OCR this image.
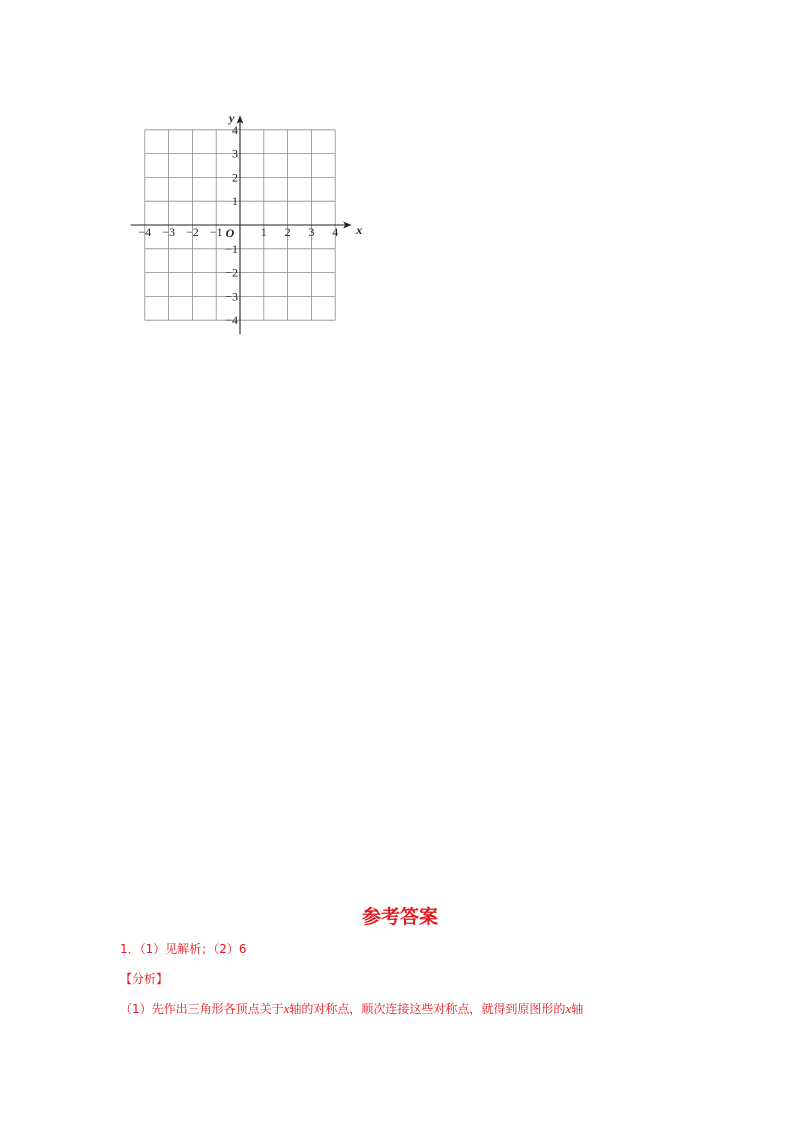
−4 −3 −2 −1	1 2 3 4
4
3
2
1
−1
−2
−3
−4
O	x
y
参考答案
1．（1）见解析；（2）6
【分析】
（1）先作出三角形各顶点关于x轴的对称点，顺次连接这些对称点，就得到原图形的x轴
